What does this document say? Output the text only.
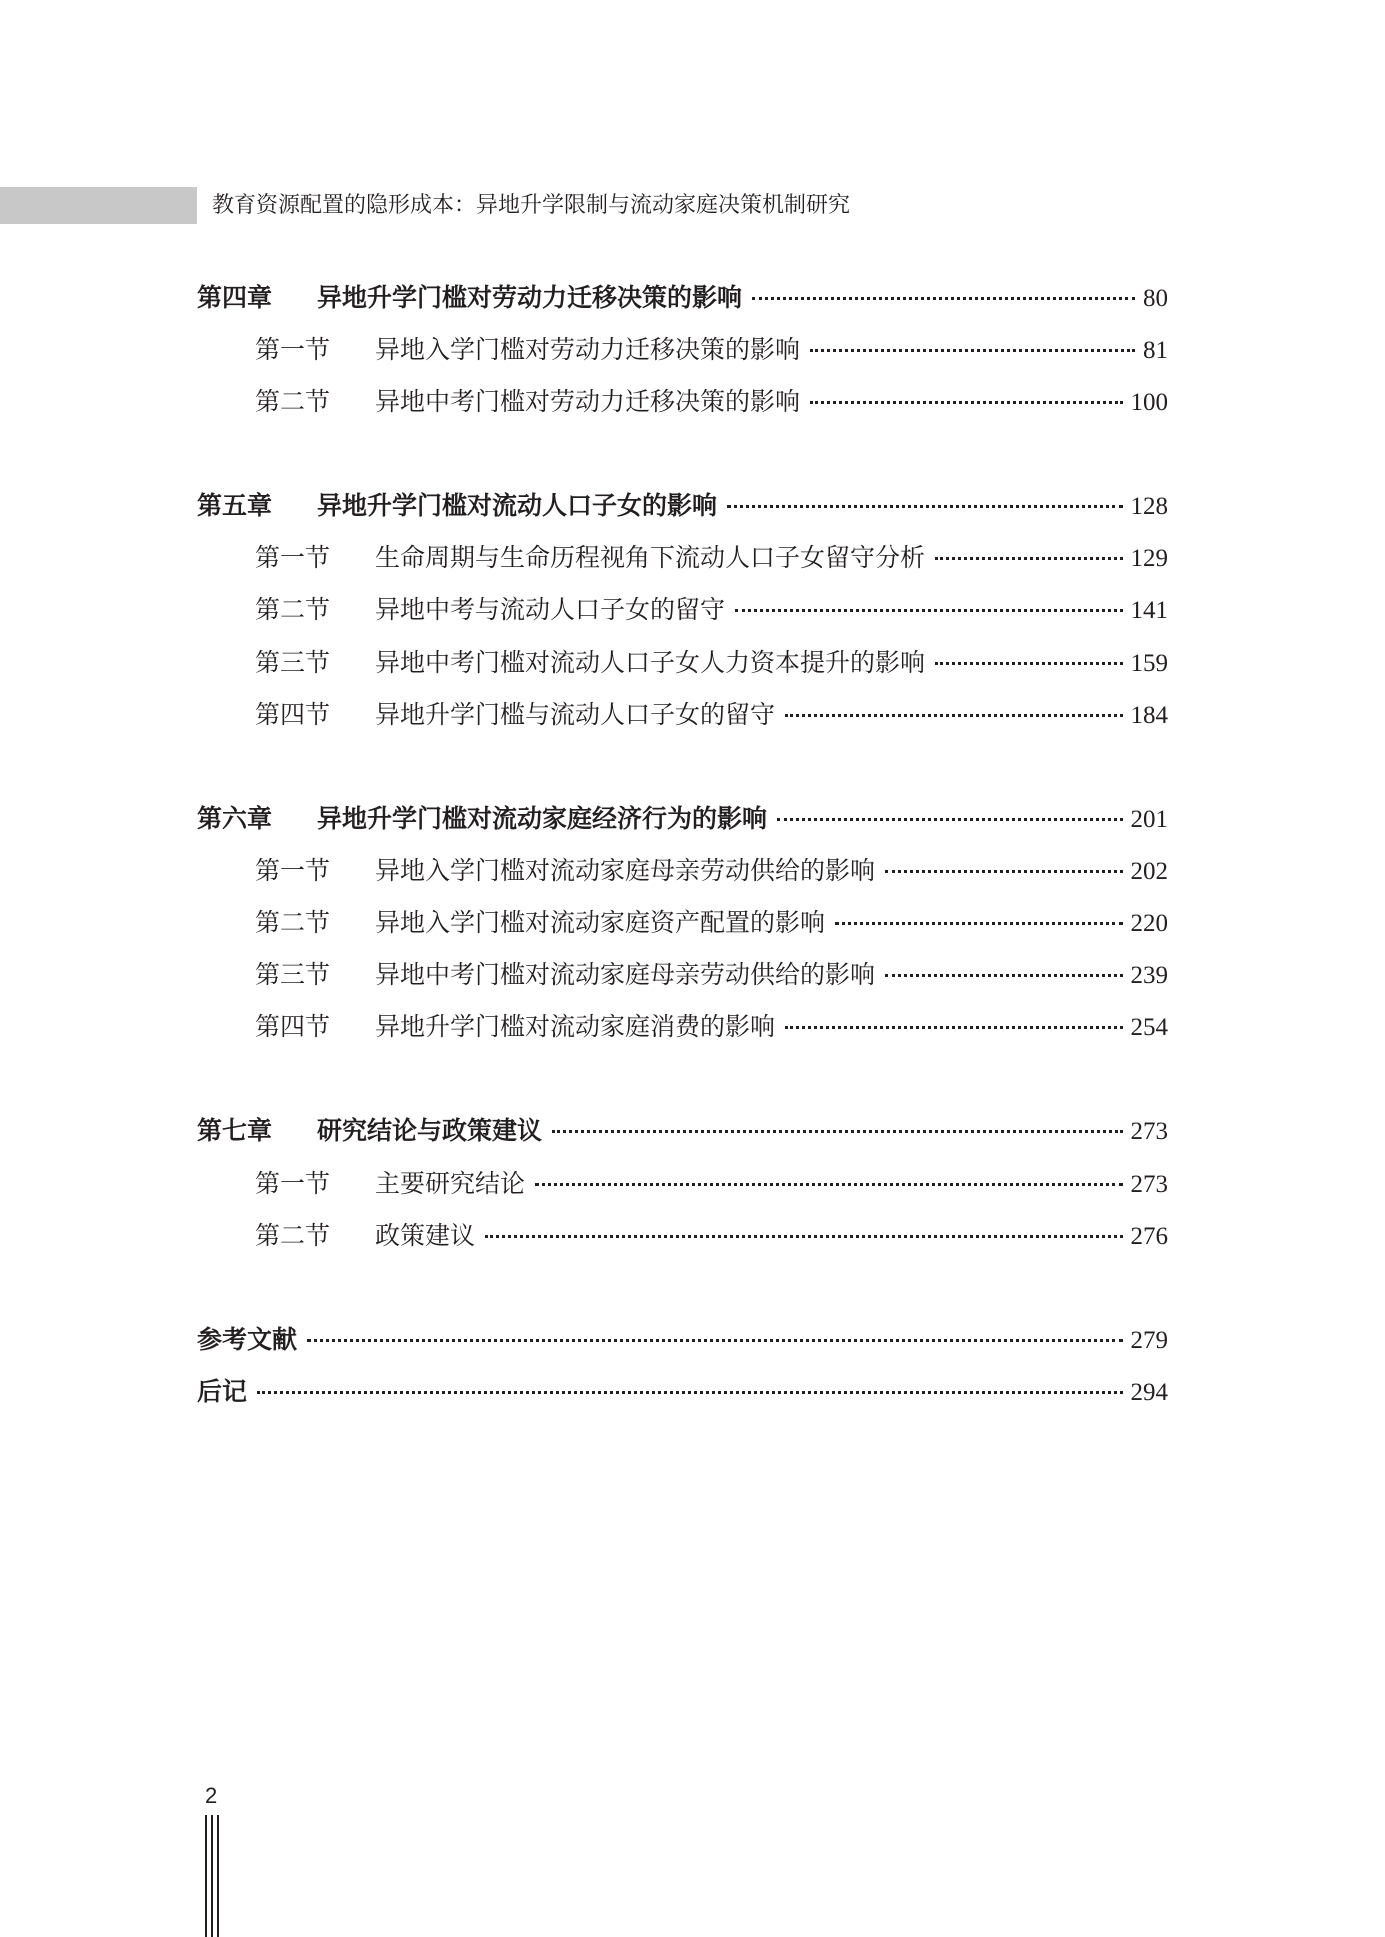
教育资源配置的隐形成本：异地升学限制与流动家庭决策机制研究
第四章	异地升学门槛对劳动力迁移决策的影响	80
第一节	异地入学门槛对劳动力迁移决策的影响	81
第二节	异地中考门槛对劳动力迁移决策的影响	100
第五章	异地升学门槛对流动人口子女的影响	128
第一节	生命周期与生命历程视角下流动人口子女留守分析	129
第二节	异地中考与流动人口子女的留守	141
第三节	异地中考门槛对流动人口子女人力资本提升的影响	159
第四节	异地升学门槛与流动人口子女的留守	184
第六章	异地升学门槛对流动家庭经济行为的影响	201
第一节	异地入学门槛对流动家庭母亲劳动供给的影响	202
第二节	异地入学门槛对流动家庭资产配置的影响	220
第三节	异地中考门槛对流动家庭母亲劳动供给的影响	239
第四节	异地升学门槛对流动家庭消费的影响	254
第七章	研究结论与政策建议	273
第一节	主要研究结论	273
第二节	政策建议	276
参考文献	279
后记	294
2
